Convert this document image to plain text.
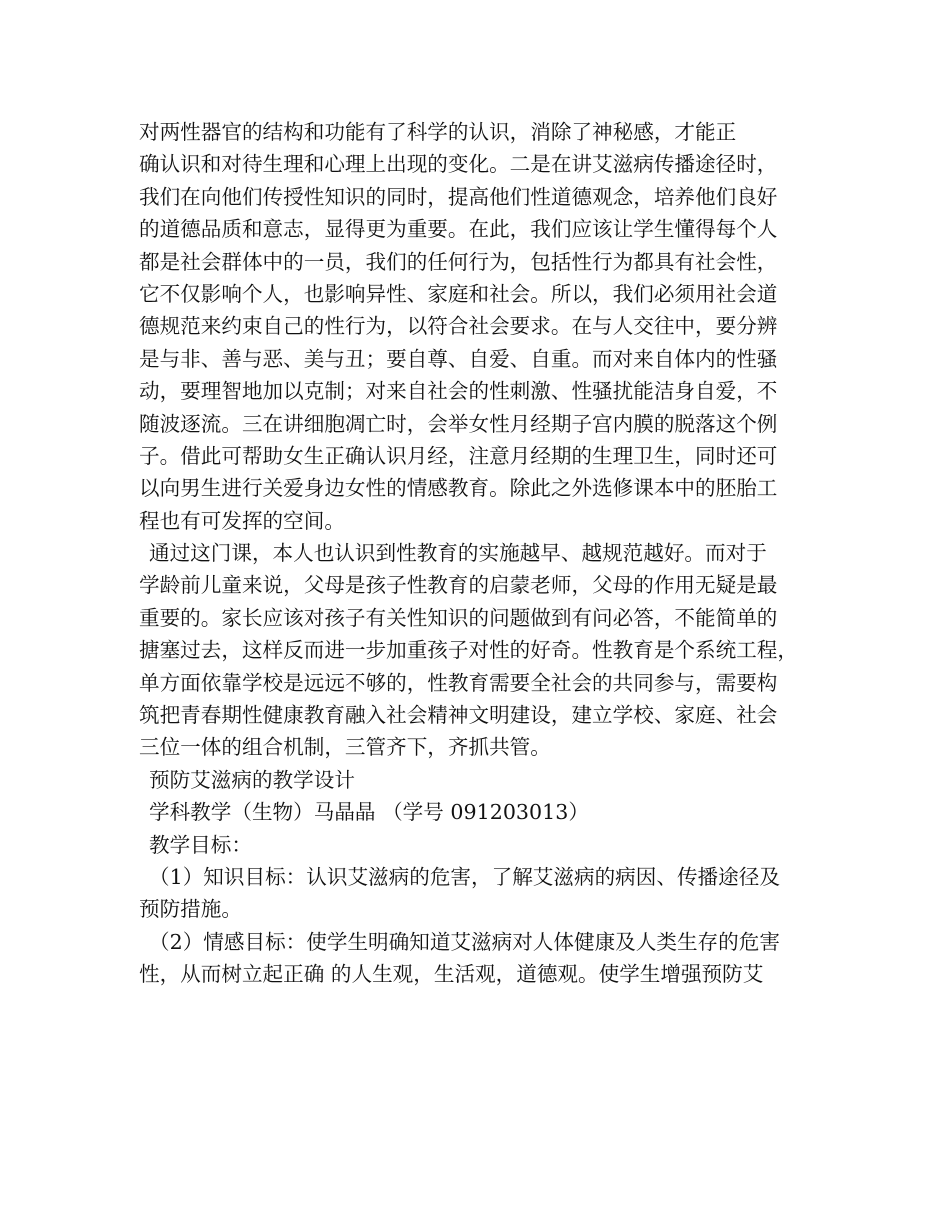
对两性器官的结构和功能有了科学的认识，消除了神秘感，才能正
确认识和对待生理和心理上出现的变化。二是在讲艾滋病传播途径时，
我们在向他们传授性知识的同时，提高他们性道德观念，培养他们良好
的道德品质和意志，显得更为重要。在此，我们应该让学生懂得每个人
都是社会群体中的一员，我们的任何行为，包括性行为都具有社会性，
它不仅影响个人，也影响异性、家庭和社会。所以，我们必须用社会道
德规范来约束自己的性行为，以符合社会要求。在与人交往中，要分辨
是与非、善与恶、美与丑；要自尊、自爱、自重。而对来自体内的性骚
动，要理智地加以克制；对来自社会的性刺激、性骚扰能洁身自爱，不
随波逐流。三在讲细胞凋亡时，会举女性月经期子宫内膜的脱落这个例
子。借此可帮助女生正确认识月经，注意月经期的生理卫生，同时还可
以向男生进行关爱身边女性的情感教育。除此之外选修课本中的胚胎工
程也有可发挥的空间。
通过这门课，本人也认识到性教育的实施越早、越规范越好。而对于
学龄前儿童来说，父母是孩子性教育的启蒙老师，父母的作用无疑是最
重要的。家长应该对孩子有关性知识的问题做到有问必答，不能简单的
搪塞过去，这样反而进一步加重孩子对性的好奇。性教育是个系统工程，
单方面依靠学校是远远不够的，性教育需要全社会的共同参与，需要构
筑把青春期性健康教育融入社会精神文明建设，建立学校、家庭、社会
三位一体的组合机制，三管齐下，齐抓共管。
预防艾滋病的教学设计
学科教学（生物）马晶晶 （学号 091203013）
教学目标：
（1）知识目标：认识艾滋病的危害，了解艾滋病的病因、传播途径及
预防措施。
（2）情感目标：使学生明确知道艾滋病对人体健康及人类生存的危害
性，从而树立起正确 的人生观，生活观，道德观。使学生增强预防艾
